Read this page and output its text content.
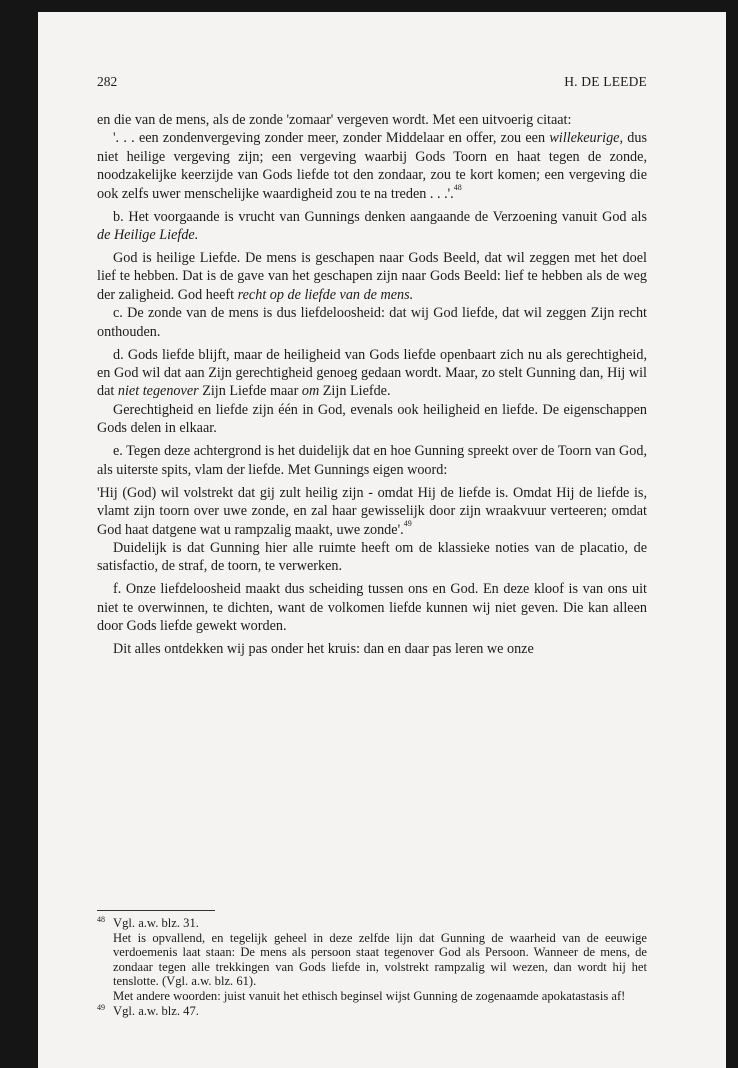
282	H. DE LEEDE

en die van de mens, als de zonde 'zomaar' vergeven wordt. Met een uitvoerig citaat:

'. . . een zondenvergeving zonder meer, zonder Middelaar en offer, zou een willekeurige, dus niet heilige vergeving zijn; een vergeving waarbij Gods Toorn en haat tegen de zonde, noodzakelijke keerzijde van Gods liefde tot den zondaar, zou te kort komen; een vergeving die ook zelfs uwer menschelijke waardigheid zou te na treden . . .'.$^{48}$

b. Het voorgaande is vrucht van Gunnings denken aangaande de Verzoening vanuit God als de Heilige Liefde.

God is heilige Liefde. De mens is geschapen naar Gods Beeld, dat wil zeggen met het doel lief te hebben. Dat is de gave van het geschapen zijn naar Gods Beeld: lief te hebben als de weg der zaligheid. God heeft recht op de liefde van de mens.

c. De zonde van de mens is dus liefdeloosheid: dat wij God liefde, dat wil zeggen Zijn recht onthouden.

d. Gods liefde blijft, maar de heiligheid van Gods liefde openbaart zich nu als gerechtigheid, en God wil dat aan Zijn gerechtigheid genoeg gedaan wordt. Maar, zo stelt Gunning dan, Hij wil dat niet tegenover Zijn Liefde maar om Zijn Liefde.

Gerechtigheid en liefde zijn één in God, evenals ook heiligheid en liefde. De eigenschappen Gods delen in elkaar.

e. Tegen deze achtergrond is het duidelijk dat en hoe Gunning spreekt over de Toorn van God, als uiterste spits, vlam der liefde. Met Gunnings eigen woord:

'Hij (God) wil volstrekt dat gij zult heilig zijn - omdat Hij de liefde is. Omdat Hij de liefde is, vlamt zijn toorn over uwe zonde, en zal haar gewisselijk door zijn wraakvuur verteeren; omdat God haat datgene wat u rampzalig maakt, uwe zonde'.$^{49}$

Duidelijk is dat Gunning hier alle ruimte heeft om de klassieke noties van de placatio, de satisfactio, de straf, de toorn, te verwerken.

f. Onze liefdeloosheid maakt dus scheiding tussen ons en God. En deze kloof is van ons uit niet te overwinnen, te dichten, want de volkomen liefde kunnen wij niet geven. Die kan alleen door Gods liefde gewekt worden.

Dit alles ontdekken wij pas onder het kruis: dan en daar pas leren we onze

48 Vgl. a.w. blz. 31.

Het is opvallend, en tegelijk geheel in deze zelfde lijn dat Gunning de waarheid van de eeuwige verdoemenis laat staan: De mens als persoon staat tegenover God als Persoon. Wanneer de mens, de zondaar tegen alle trekkingen van Gods liefde in, volstrekt rampzalig wil wezen, dan wordt hij het tenslotte. (Vgl. a.w. blz. 61).

Met andere woorden: juist vanuit het ethisch beginsel wijst Gunning de zogenaamde apokatastasis af!

49 Vgl. a.w. blz. 47.
